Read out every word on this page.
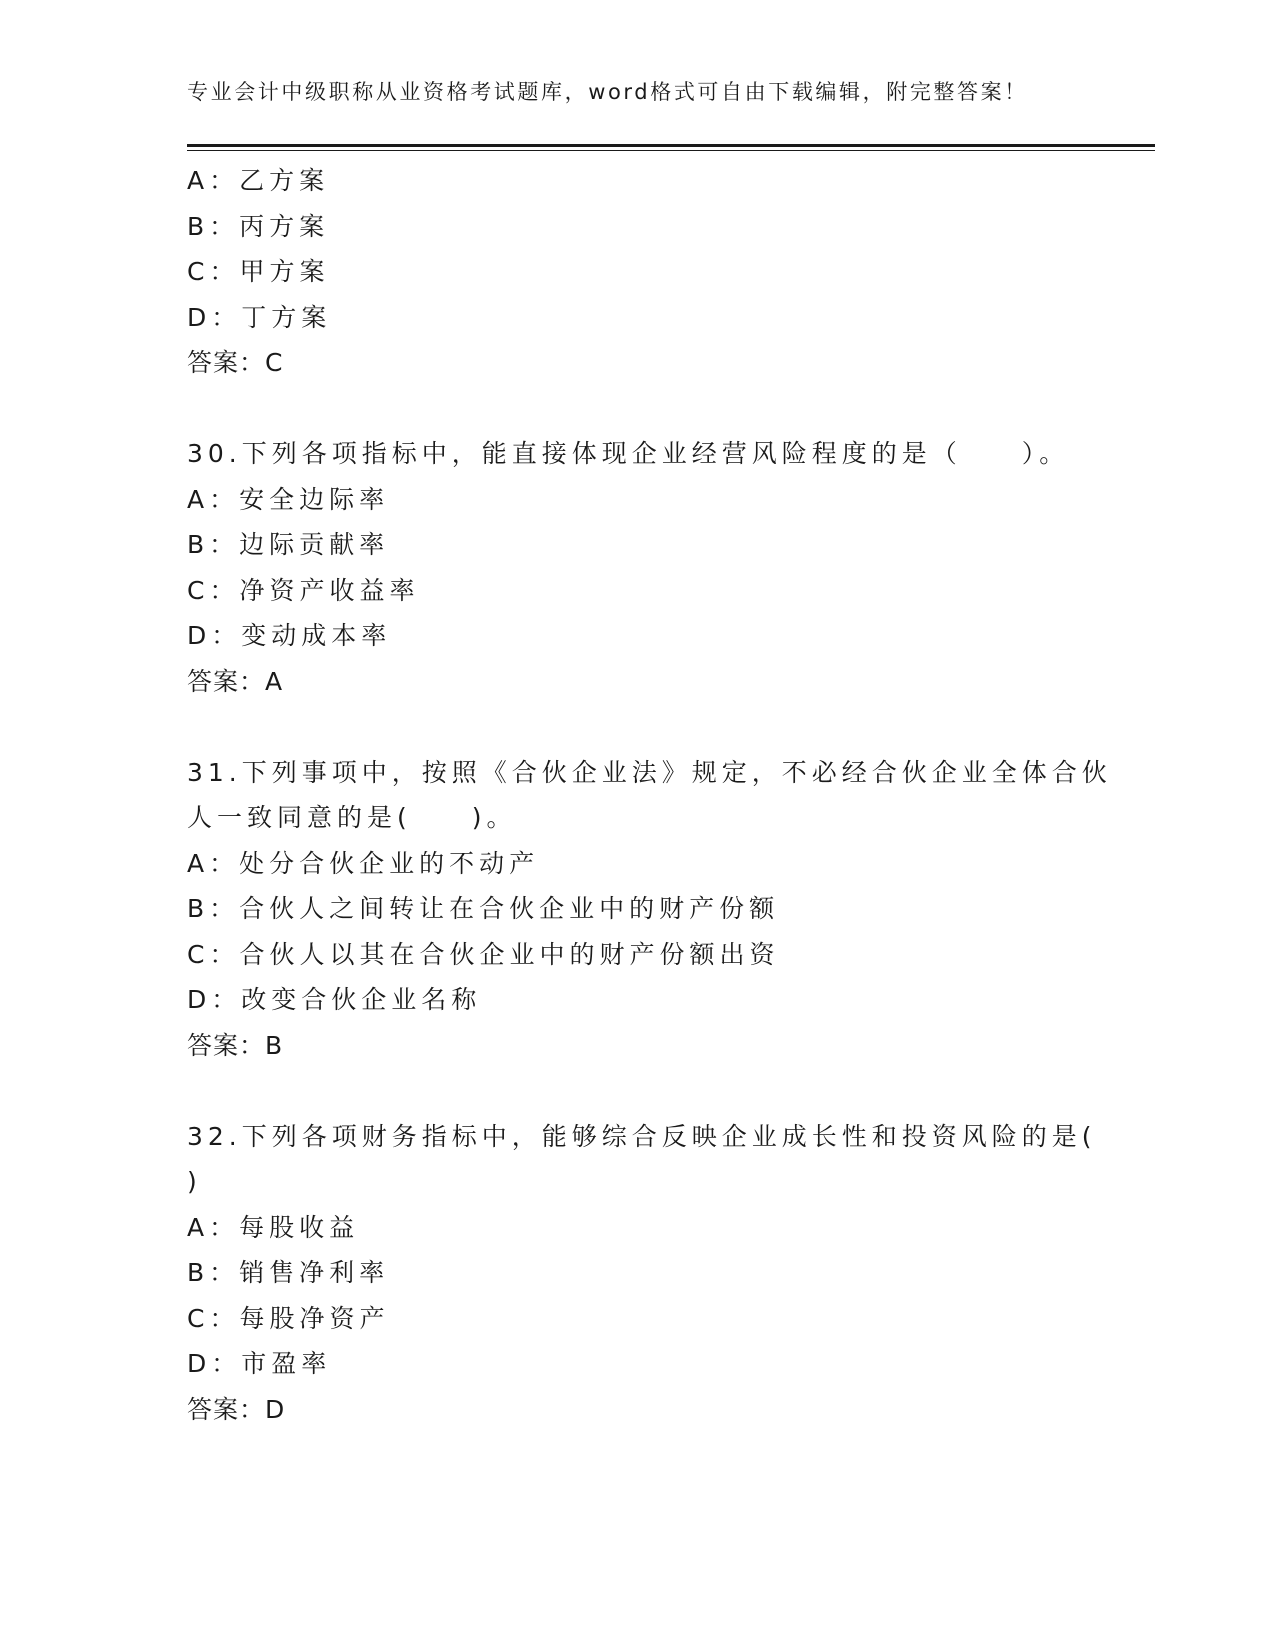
专业会计中级职称从业资格考试题库，word格式可自由下载编辑，附完整答案！
A：乙方案
B：丙方案
C：甲方案
D：丁方案
答案：C
30.下列各项指标中，能直接体现企业经营风险程度的是（　　）。
A：安全边际率
B：边际贡献率
C：净资产收益率
D：变动成本率
答案：A
31.下列事项中，按照《合伙企业法》规定，不必经合伙企业全体合伙
人一致同意的是(　　)。
A：处分合伙企业的不动产
B：合伙人之间转让在合伙企业中的财产份额
C：合伙人以其在合伙企业中的财产份额出资
D：改变合伙企业名称
答案：B
32.下列各项财务指标中，能够综合反映企业成长性和投资风险的是(
)
A：每股收益
B：销售净利率
C：每股净资产
D：市盈率
答案：D
